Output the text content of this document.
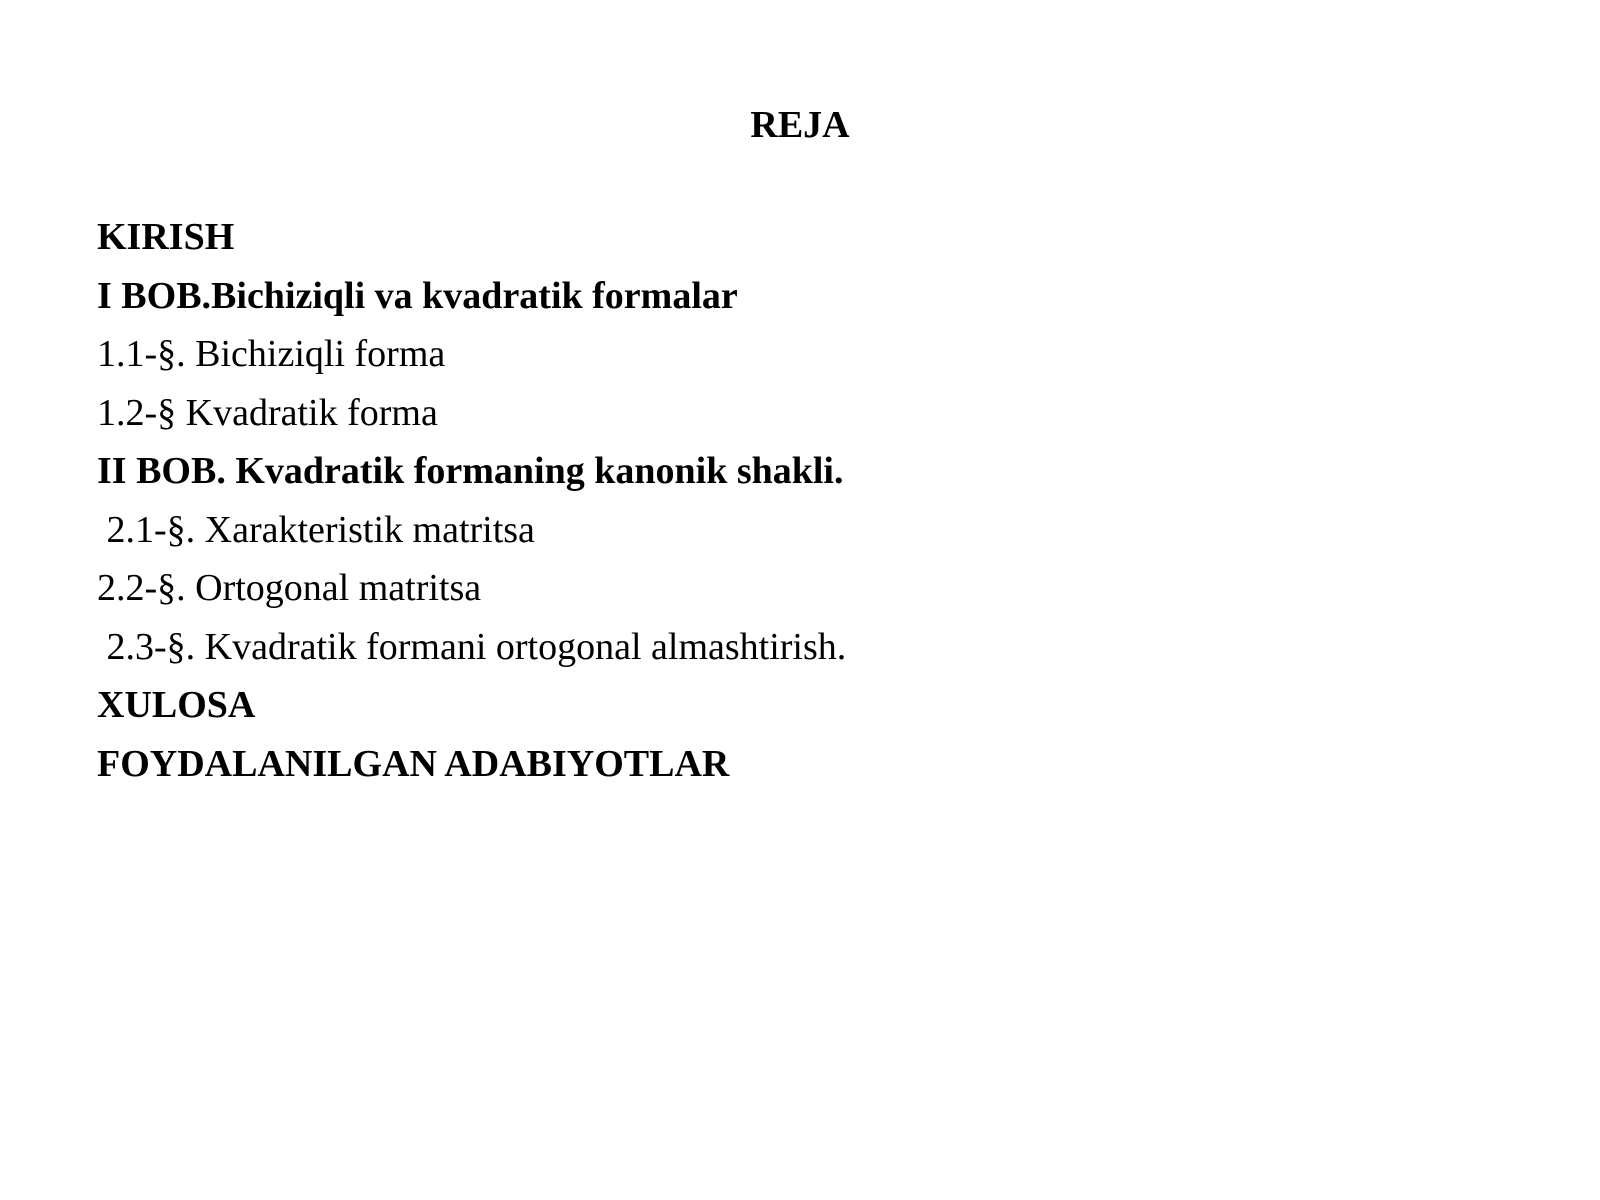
REJA
KIRISH
I BOB.Bichiziqli va kvadratik formalar
1.1-§. Bichiziqli forma
1.2-§ Kvadratik forma
II BOB. Kvadratik formaning kanonik shakli.
2.1-§. Xarakteristik matritsa
2.2-§. Ortogonal matritsa
2.3-§. Kvadratik formani ortogonal almashtirish.
XULOSA
FOYDALANILGAN ADABIYOTLAR
